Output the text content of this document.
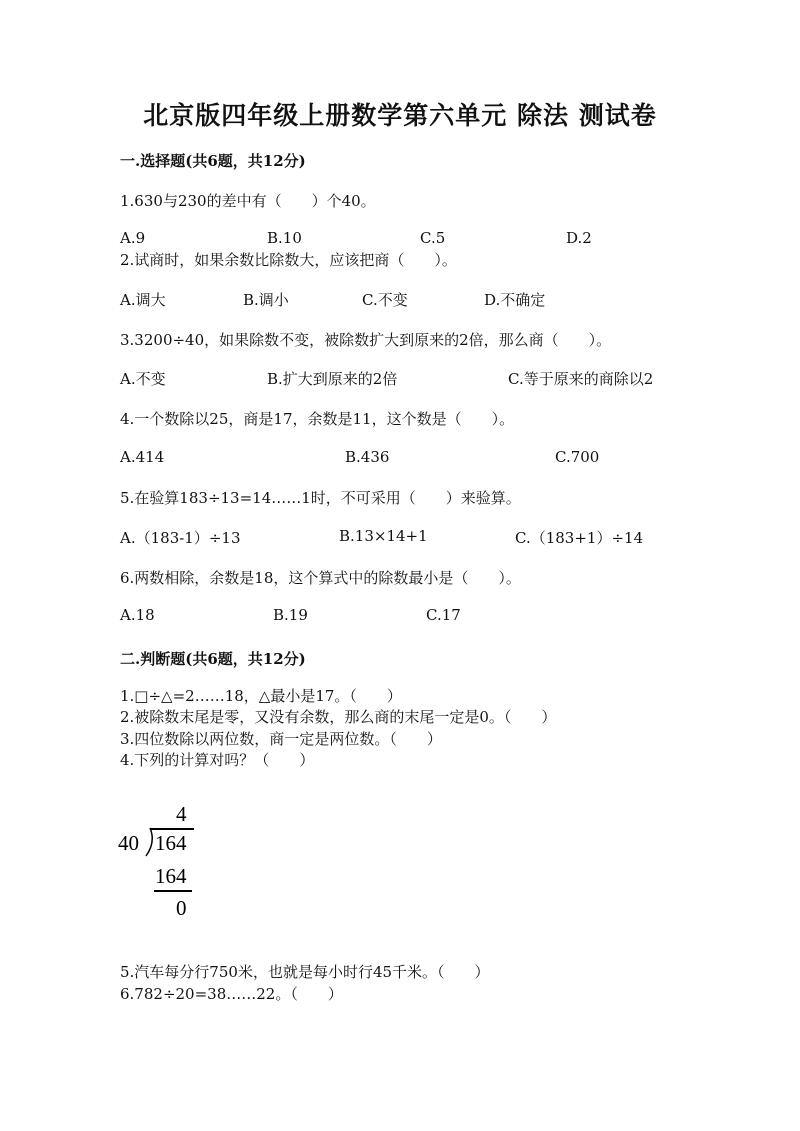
北京版四年级上册数学第六单元 除法 测试卷
一.选择题(共6题，共12分)
1.630与230的差中有（　　）个40。
A.9	B.10	C.5	D.2
2.试商时，如果余数比除数大，应该把商（　　）。
A.调大	B.调小	C.不变	D.不确定
3.3200÷40，如果除数不变，被除数扩大到原来的2倍，那么商（　　）。
A.不变	B.扩大到原来的2倍	C.等于原来的商除以2
4.一个数除以25，商是17，余数是11，这个数是（　　）。
A.414	B.436	C.700
5.在验算183÷13=14……1时，不可采用（　　）来验算。
A.（183-1）÷13	B.13×14+1	C.（183+1）÷14
6.两数相除，余数是18，这个算式中的除数最小是（　　）。
A.18	B.19	C.17
二.判断题(共6题，共12分)
1.□÷△=2……18，△最小是17。（　　）
2.被除数末尾是零，又没有余数，那么商的末尾一定是0。（　　）
3.四位数除以两位数，商一定是两位数。（　　）
4.下列的计算对吗？（　　）
4
40 164
164
0
5.汽车每分行750米，也就是每小时行45千米。（　　）
6.782÷20=38……22。（　　）
